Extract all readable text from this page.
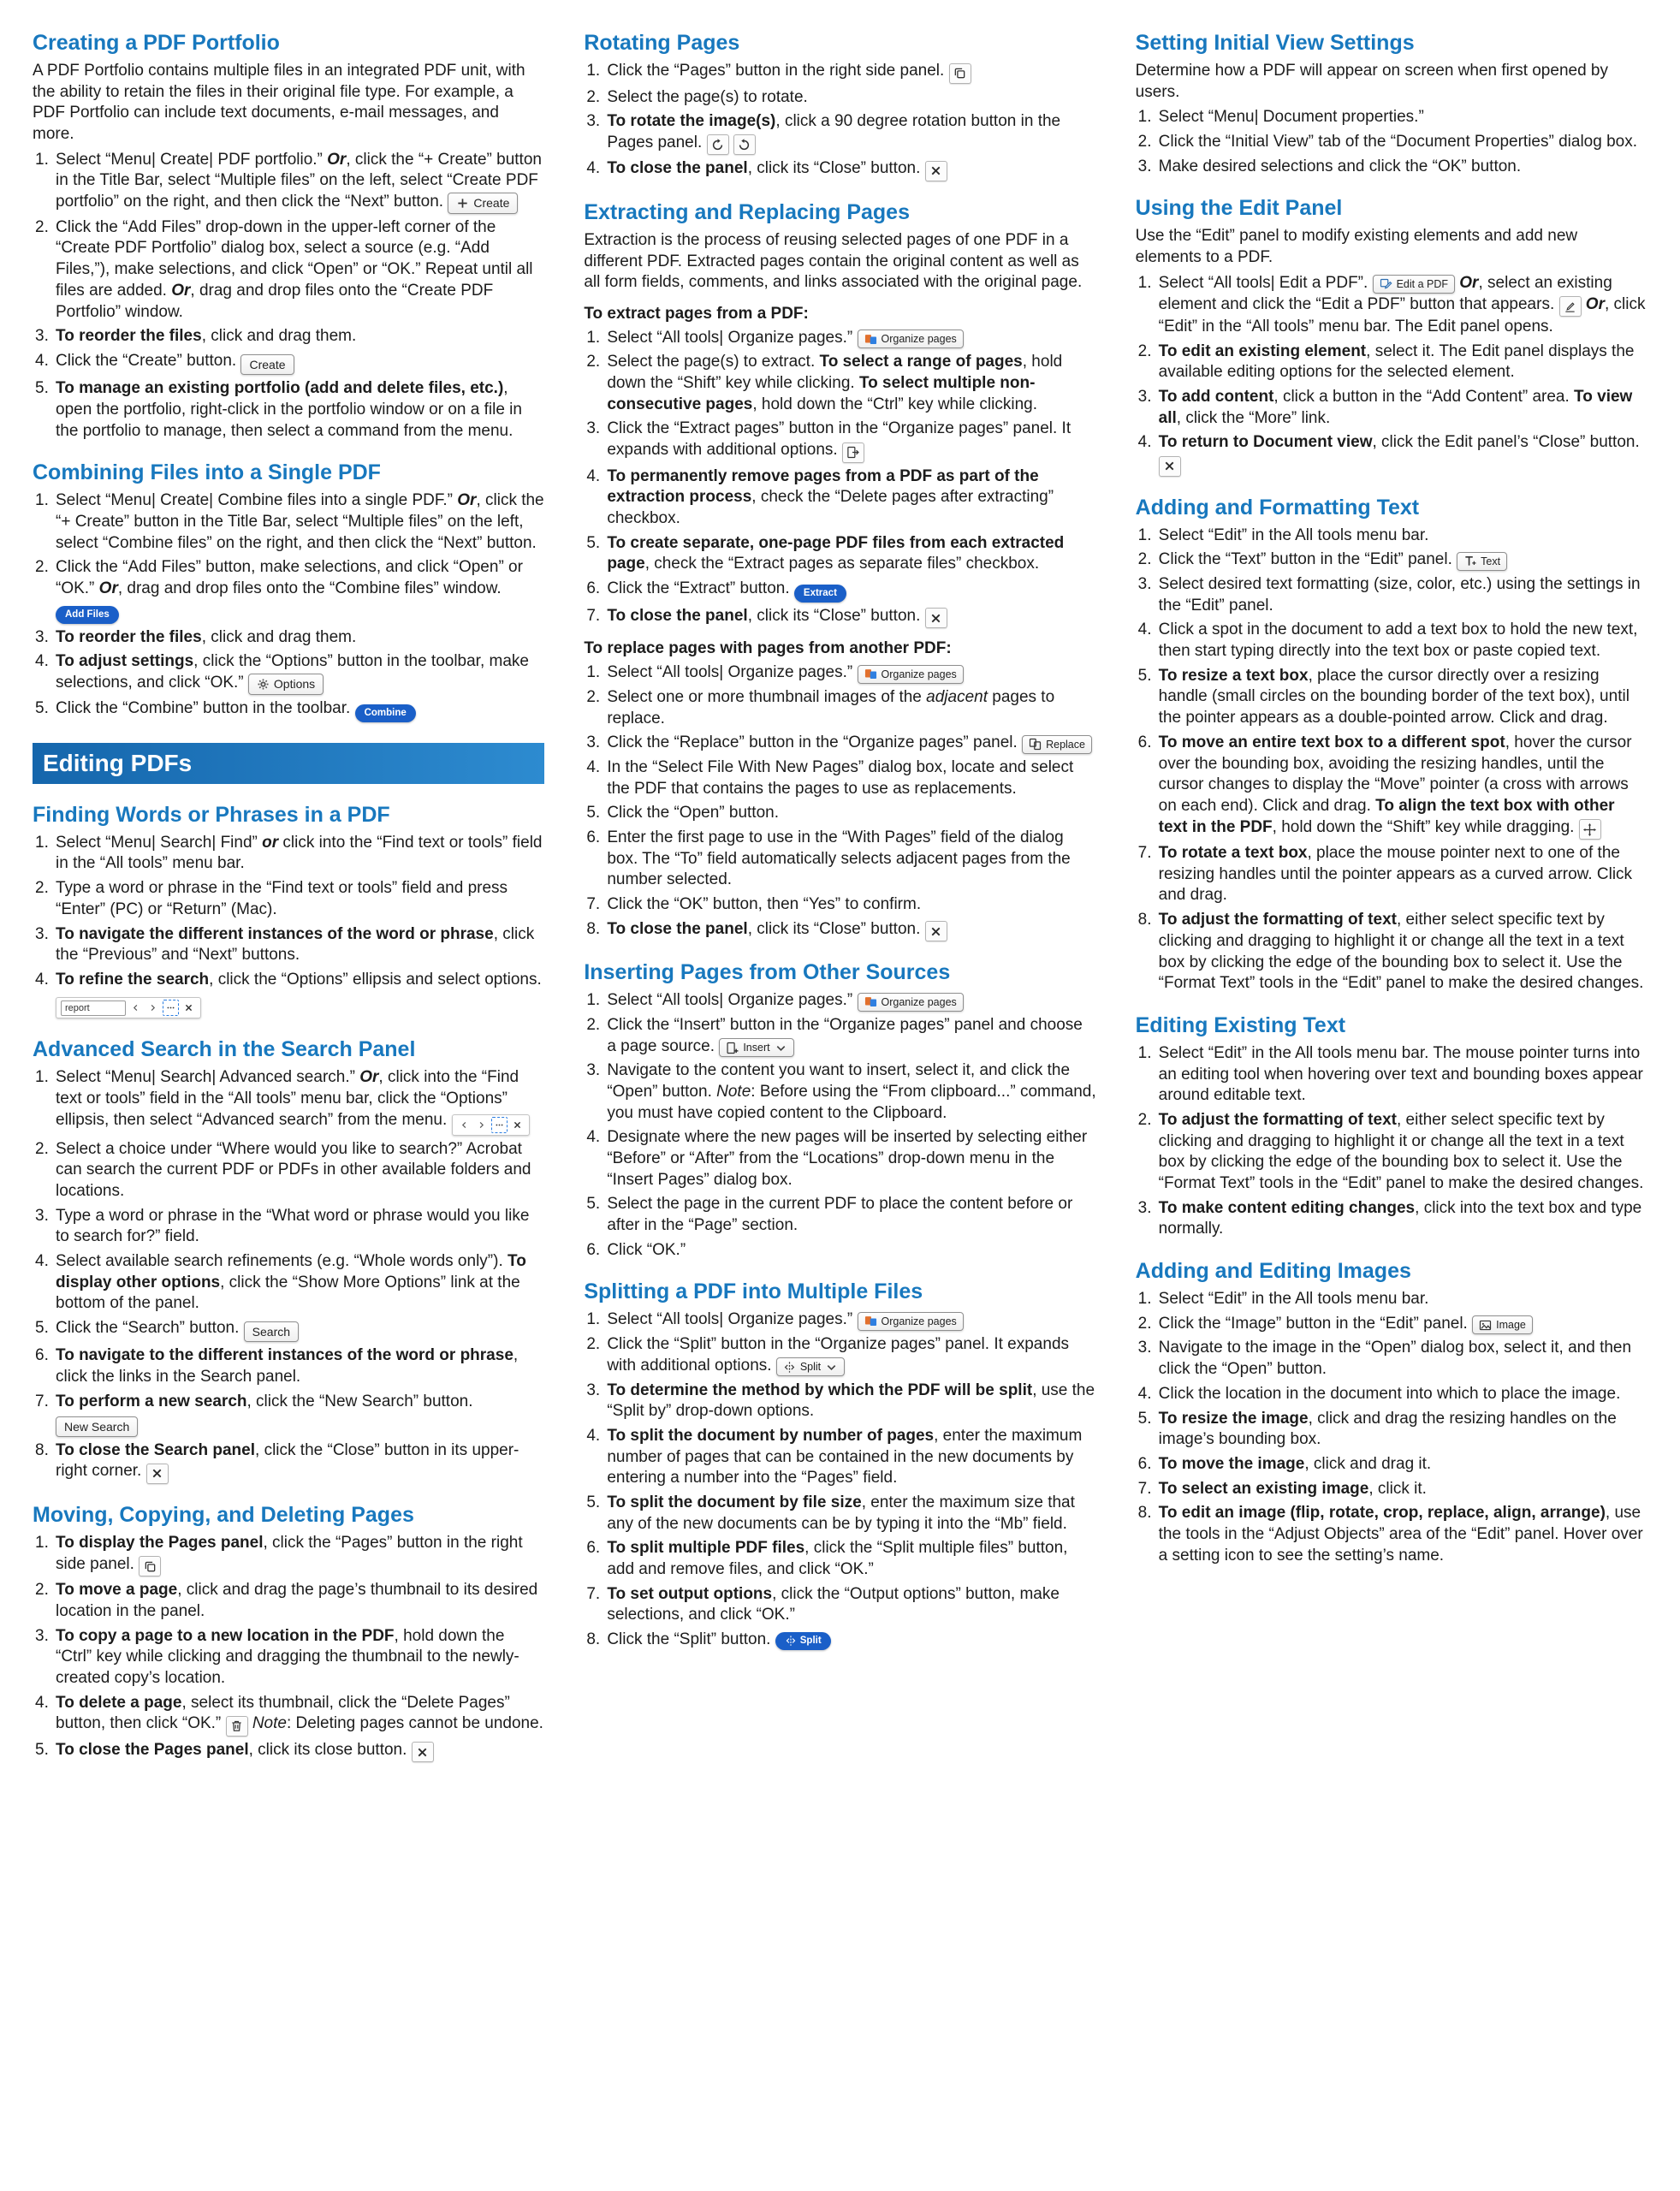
Creating a PDF Portfolio

A PDF Portfolio contains multiple files in an integrated PDF unit, with the ability to retain the files in their original file type. For example, a PDF Portfolio can include text documents, e-mail messages, and more.

Select “Menu| Create| PDF portfolio.” Or, click the “+ Create” button in the Title Bar, select “Multiple files” on the left, select “Create PDF portfolio” on the right, and then click the “Next” button. Create
Click the “Add Files” drop-down in the upper-left corner of the “Create PDF Portfolio” dialog box, select a source (e.g. “Add Files,”), make selections, and click “Open” or “OK.” Repeat until all files are added. Or, drag and drop files onto the “Create PDF Portfolio” window.
To reorder the files, click and drag them.
Click the “Create” button. Create
To manage an existing portfolio (add and delete files, etc.), open the portfolio, right-click in the portfolio window or on a file in the portfolio to manage, then select a command from the menu.
Combining Files into a Single PDF
Select “Menu| Create| Combine files into a single PDF.” Or, click the “+ Create” button in the Title Bar, select “Multiple files” on the left, select “Combine files” on the right, and then click the “Next” button.
Click the “Add Files” button, make selections, and click “Open” or “OK.” Or, drag and drop files onto the “Combine files” window.
Add Files
To reorder the files, click and drag them.
To adjust settings, click the “Options” button in the toolbar, make selections, and click “OK.” Options
Click the “Combine” button in the toolbar. Combine
Editing PDFs
Finding Words or Phrases in a PDF
Select “Menu| Search| Find” or click into the “Find text or tools” field in the “All tools” menu bar.
Type a word or phrase in the “Find text or tools” field and press “Enter” (PC) or “Return” (Mac).
To navigate the different instances of the word or phrase, click the “Previous” and “Next” buttons.
To refine the search, click the “Options” ellipsis and select options.
report
Advanced Search in the Search Panel
Select “Menu| Search| Advanced search.” Or, click into the “Find text or tools” field in the “All tools” menu bar, click the “Options” ellipsis, then select “Advanced search” from the menu.
Select a choice under “Where would you like to search?” Acrobat can search the current PDF or PDFs in other available folders and locations.
Type a word or phrase in the “What word or phrase would you like to search for?” field.
Select available search refinements (e.g. “Whole words only”). To display other options, click the “Show More Options” link at the bottom of the panel.
Click the “Search” button. Search
To navigate to the different instances of the word or phrase, click the links in the Search panel.
To perform a new search, click the “New Search” button.
New Search
To close the Search panel, click the “Close” button in its upper-right corner.
Moving, Copying, and Deleting Pages
To display the Pages panel, click the “Pages” button in the right side panel.
To move a page, click and drag the page’s thumbnail to its desired location in the panel.
To copy a page to a new location in the PDF, hold down the “Ctrl” key while clicking and dragging the thumbnail to the newly-created copy’s location.
To delete a page, select its thumbnail, click the “Delete Pages” button, then click “OK.”
Note: Deleting pages cannot be undone.
To close the Pages panel, click its close button.
Rotating Pages
Click the “Pages” button in the right side panel.
Select the page(s) to rotate.
To rotate the image(s), click a 90 degree rotation button in the Pages panel.

To close the panel, click its “Close” button.
Extracting and Replacing Pages

Extraction is the process of reusing selected pages of one PDF in a different PDF. Extracted pages contain the original content as well as all form fields, comments, and links associated with the original page.

To extract pages from a PDF:

Select “All tools| Organize pages.” Organize pages
Select the page(s) to extract. To select a range of pages, hold down the “Shift” key while clicking. To select multiple non-consecutive pages, hold down the “Ctrl” key while clicking.
Click the “Extract pages” button in the “Organize pages” panel. It expands with additional options.
To permanently remove pages from a PDF as part of the extraction process, check the “Delete pages after extracting” checkbox.
To create separate, one-page PDF files from each extracted page, check the “Extract pages as separate files” checkbox.
Click the “Extract” button. Extract
To close the panel, click its “Close” button.

To replace pages with pages from another PDF:

Select “All tools| Organize pages.” Organize pages
Select one or more thumbnail images of the adjacent pages to replace.
Click the “Replace” button in the “Organize pages” panel. Replace
In the “Select File With New Pages” dialog box, locate and select the PDF that contains the pages to use as replacements.
Click the “Open” button.
Enter the first page to use in the “With Pages” field of the dialog box. The “To” field automatically selects adjacent pages from the number selected.
Click the “OK” button, then “Yes” to confirm.
To close the panel, click its “Close” button.
Inserting Pages from Other Sources
Select “All tools| Organize pages.” Organize pages
Click the “Insert” button in the “Organize pages” panel and choose a page source. Insert
Navigate to the content you want to insert, select it, and click the “Open” button. Note: Before using the “From clipboard...” command, you must have copied content to the Clipboard.
Designate where the new pages will be inserted by selecting either “Before” or “After” from the “Locations” drop-down menu in the “Insert Pages” dialog box.
Select the page in the current PDF to place the content before or after in the “Page” section.
Click “OK.”
Splitting a PDF into Multiple Files
Select “All tools| Organize pages.” Organize pages
Click the “Split” button in the “Organize pages” panel. It expands with additional options. Split
To determine the method by which the PDF will be split, use the “Split by” drop-down options.
To split the document by number of pages, enter the maximum number of pages that can be contained in the new documents by entering a number into the “Pages” field.
To split the document by file size, enter the maximum size that any of the new documents can be by typing it into the “Mb” field.
To split multiple PDF files, click the “Split multiple files” button, add and remove files, and click “OK.”
To set output options, click the “Output options” button, make selections, and click “OK.”
Click the “Split” button.	Split
Setting Initial View Settings

Determine how a PDF will appear on screen when first opened by users.

Select “Menu| Document properties.”
Click the “Initial View” tab of the “Document Properties” dialog box.
Make desired selections and click the “OK” button.
Using the Edit Panel

Use the “Edit” panel to modify existing elements and add new elements to a PDF.

Select “All tools| Edit a PDF”. Edit a PDF Or, select an existing element and click the “Edit a PDF” button that appears.
Or, click “Edit” in the “All tools” menu bar. The Edit panel opens.
To edit an existing element, select it. The Edit panel displays the available editing options for the selected element.
To add content, click a button in the “Add Content” area. To view all, click the “More” link.
To return to Document view, click the Edit panel’s “Close” button.
Adding and Formatting Text
Select “Edit” in the All tools menu bar.
Click the “Text” button in the “Edit” panel. Text
Select desired text formatting (size, color, etc.) using the settings in the “Edit” panel.
Click a spot in the document to add a text box to hold the new text, then start typing directly into the text box or paste copied text.
To resize a text box, place the cursor directly over a resizing handle (small circles on the bounding border of the text box), until the pointer appears as a double-pointed arrow. Click and drag.
To move an entire text box to a different spot, hover the cursor over the bounding box, avoiding the resizing handles, until the cursor changes to display the “Move” pointer (a cross with arrows on each end). Click and drag. To align the text box with other text in the PDF, hold down the “Shift” key while dragging.
To rotate a text box, place the mouse pointer next to one of the resizing handles until the pointer appears as a curved arrow. Click and drag.
To adjust the formatting of text, either select specific text by clicking and dragging to highlight it or change all the text in a text box by clicking the edge of the bounding box to select it. Use the “Format Text” tools in the “Edit” panel to make the desired changes.
Editing Existing Text
Select “Edit” in the All tools menu bar. The mouse pointer turns into an editing tool when hovering over text and bounding boxes appear around editable text.
To adjust the formatting of text, either select specific text by clicking and dragging to highlight it or change all the text in a text box by clicking the edge of the bounding box to select it. Use the “Format Text” tools in the “Edit” panel to make the desired changes.
To make content editing changes, click into the text box and type normally.
Adding and Editing Images
Select “Edit” in the All tools menu bar.
Click the “Image” button in the “Edit” panel. Image
Navigate to the image in the “Open” dialog box, select it, and then click the “Open” button.
Click the location in the document into which to place the image.
To resize the image, click and drag the resizing handles on the image’s bounding box.
To move the image, click and drag it.
To select an existing image, click it.
To edit an image (flip, rotate, crop, replace, align, arrange), use the tools in the “Adjust Objects” area of the “Edit” panel. Hover over a setting icon to see the setting’s name.
